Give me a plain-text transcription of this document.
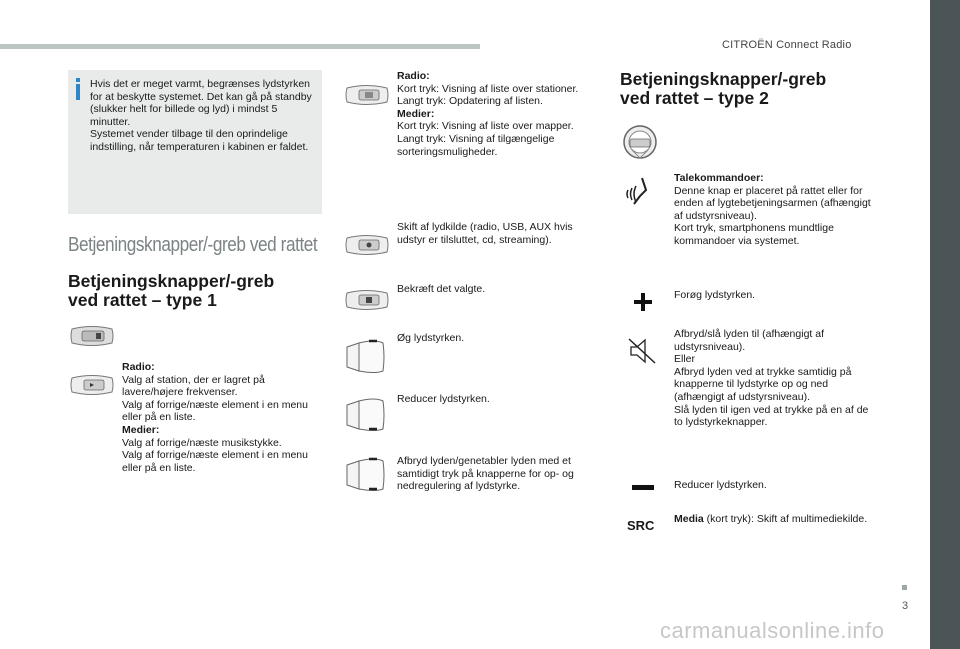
CITROËN Connect Radio
Hvis det er meget varmt, begrænses lydstyrken for at beskytte systemet. Det kan gå på standby (slukker helt for billede og lyd) i mindst 5 minutter.
Systemet vender tilbage til den oprindelige indstilling, når temperaturen i kabinen er faldet.
Betjeningsknapper/-greb ved rattet
Betjeningsknapper/-greb
ved rattet – type 1
Radio:
Valg af station, der er lagret på lavere/højere frekvenser.
Valg af forrige/næste element i en menu eller på en liste.
Medier:
Valg af forrige/næste musikstykke.
Valg af forrige/næste element i en menu eller på en liste.
Radio:
Kort tryk: Visning af liste over stationer.
Langt tryk: Opdatering af listen.
Medier:
Kort tryk: Visning af liste over mapper.
Langt tryk: Visning af tilgængelige sorteringsmuligheder.
Skift af lydkilde (radio, USB, AUX hvis udstyr er tilsluttet, cd, streaming).
Bekræft det valgte.
Øg lydstyrken.
Reducer lydstyrken.
Afbryd lyden/genetabler lyden med et samtidigt tryk på knapperne for op- og nedregulering af lydstyrke.
Betjeningsknapper/-greb
ved rattet – type 2
Talekommandoer:
Denne knap er placeret på rattet eller for enden af lygtebetjeningsarmen (afhængigt af udstyrsniveau).
Kort tryk, smartphonens mundtlige kommandoer via systemet.
Forøg lydstyrken.
Afbryd/slå lyden til (afhængigt af udstyrsniveau).
Eller
Afbryd lyden ved at trykke samtidig på knapperne til lydstyrke op og ned (afhængigt af udstyrsniveau).
Slå lyden til igen ved at trykke på en af de to lydstyrkeknapper.
Reducer lydstyrken.
SRC Media (kort tryk): Skift af multimediekilde.
3
carmanualsonline.info
